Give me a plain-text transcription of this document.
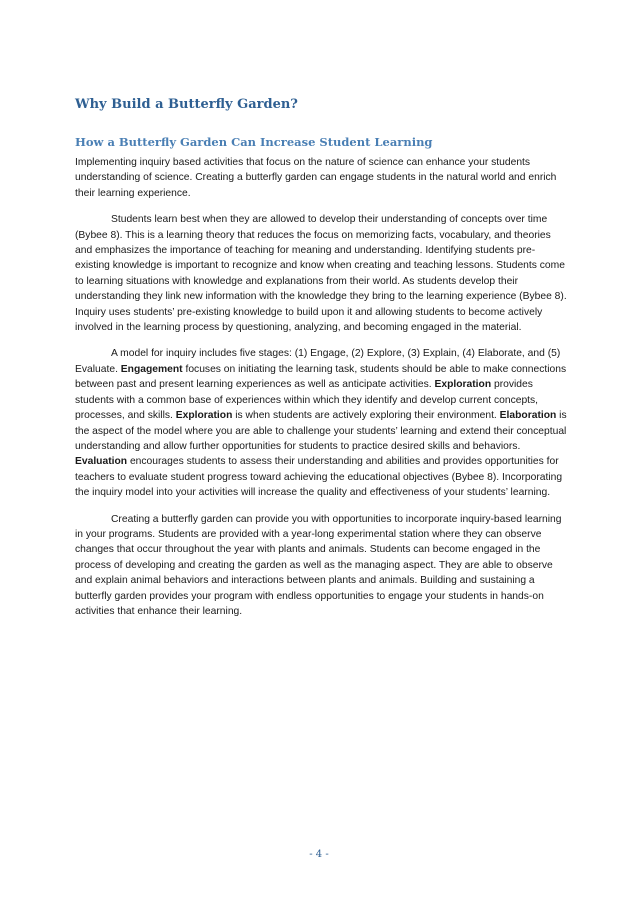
Why Build a Butterfly Garden?
How a Butterfly Garden Can Increase Student Learning

Implementing inquiry based activities that focus on the nature of science can enhance your students understanding of science. Creating a butterfly garden can engage students in the natural world and enrich their learning experience.

Students learn best when they are allowed to develop their understanding of concepts over time (Bybee 8). This is a learning theory that reduces the focus on memorizing facts, vocabulary, and theories and emphasizes the importance of teaching for meaning and understanding. Identifying students pre-existing knowledge is important to recognize and know when creating and teaching lessons. Students come to learning situations with knowledge and explanations from their world. As students develop their understanding they link new information with the knowledge they bring to the learning experience (Bybee 8). Inquiry uses students’ pre-existing knowledge to build upon it and allowing students to become actively involved in the learning process by questioning, analyzing, and becoming engaged in the material.

A model for inquiry includes five stages: (1) Engage, (2) Explore, (3) Explain, (4) Elaborate, and (5) Evaluate. Engagement focuses on initiating the learning task, students should be able to make connections between past and present learning experiences as well as anticipate activities. Exploration provides students with a common base of experiences within which they identify and develop current concepts, processes, and skills. Exploration is when students are actively exploring their environment. Elaboration is the aspect of the model where you are able to challenge your students’ learning and extend their conceptual understanding and allow further opportunities for students to practice desired skills and behaviors. Evaluation encourages students to assess their understanding and abilities and provides opportunities for teachers to evaluate student progress toward achieving the educational objectives (Bybee 8). Incorporating the inquiry model into your activities will increase the quality and effectiveness of your students’ learning.

Creating a butterfly garden can provide you with opportunities to incorporate inquiry-based learning in your programs. Students are provided with a year-long experimental station where they can observe changes that occur throughout the year with plants and animals. Students can become engaged in the process of developing and creating the garden as well as the managing aspect. They are able to observe and explain animal behaviors and interactions between plants and animals. Building and sustaining a butterfly garden provides your program with endless opportunities to engage your students in hands-on activities that enhance their learning.

- 4 -
